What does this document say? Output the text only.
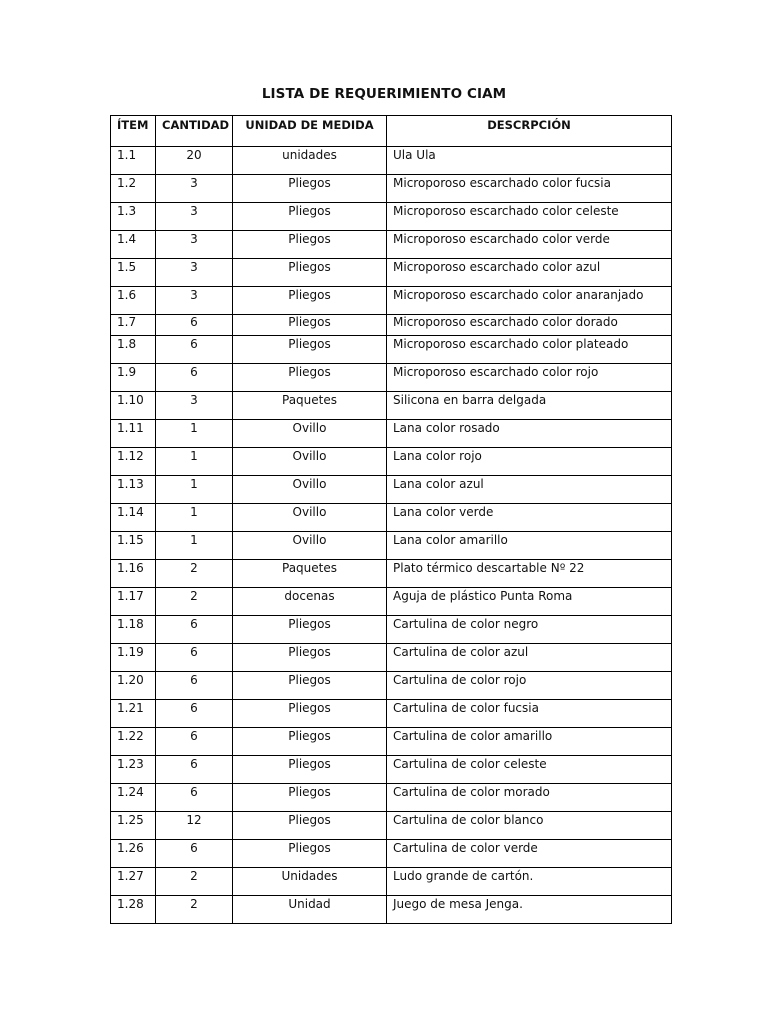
LISTA DE REQUERIMIENTO CIAM
ÍTEM	CANTIDAD	UNIDAD DE MEDIDA	DESCRPCIÓN
1.1	20	unidades	Ula Ula
1.2	3	Pliegos	Microporoso escarchado color fucsia
1.3	3	Pliegos	Microporoso escarchado color celeste
1.4	3	Pliegos	Microporoso escarchado color verde
1.5	3	Pliegos	Microporoso escarchado color azul
1.6	3	Pliegos	Microporoso escarchado color anaranjado
1.7	6	Pliegos	Microporoso escarchado color dorado
1.8	6	Pliegos	Microporoso escarchado color plateado
1.9	6	Pliegos	Microporoso escarchado color rojo
1.10	3	Paquetes	Silicona en barra delgada
1.11	1	Ovillo	Lana color rosado
1.12	1	Ovillo	Lana color rojo
1.13	1	Ovillo	Lana color azul
1.14	1	Ovillo	Lana color verde
1.15	1	Ovillo	Lana color amarillo
1.16	2	Paquetes	Plato térmico descartable Nº 22
1.17	2	docenas	Aguja de plástico Punta Roma
1.18	6	Pliegos	Cartulina de color negro
1.19	6	Pliegos	Cartulina de color azul
1.20	6	Pliegos	Cartulina de color rojo
1.21	6	Pliegos	Cartulina de color fucsia
1.22	6	Pliegos	Cartulina de color amarillo
1.23	6	Pliegos	Cartulina de color celeste
1.24	6	Pliegos	Cartulina de color morado
1.25	12	Pliegos	Cartulina de color blanco
1.26	6	Pliegos	Cartulina de color verde
1.27	2	Unidades	Ludo grande de cartón.
1.28	2	Unidad	Juego de mesa Jenga.
